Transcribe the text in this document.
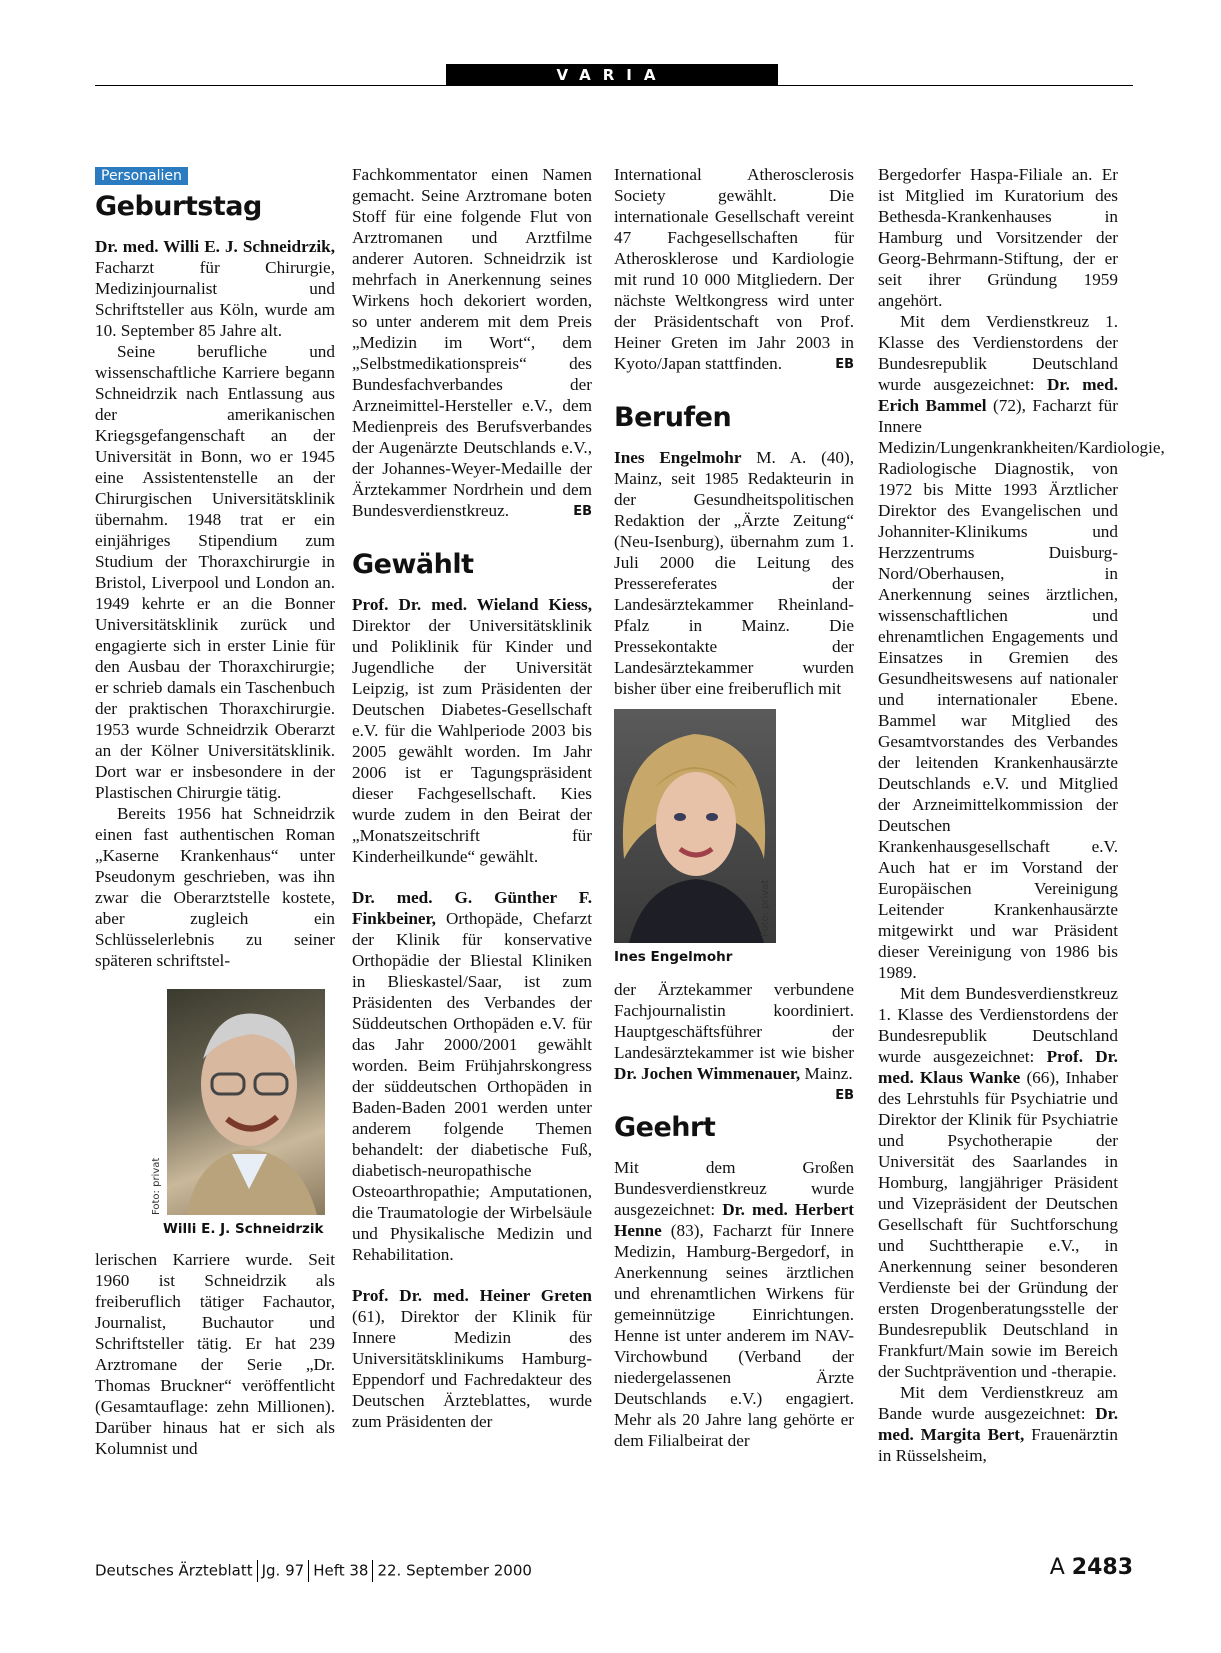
VARIA
Personalien
Geburtstag

Dr. med. Willi E. J. Schneidrzik, Facharzt für Chirurgie, Medizinjournalist und Schriftsteller aus Köln, wurde am 10. September 85 Jahre alt.

Seine berufliche und wissenschaftliche Karriere begann Schneidrzik nach Entlassung aus der amerikanischen Kriegsgefangenschaft an der Universität in Bonn, wo er 1945 eine Assistentenstelle an der Chirurgischen Universitätsklinik übernahm. 1948 trat er ein einjähriges Stipendium zum Studium der Thoraxchirurgie in Bristol, Liverpool und London an. 1949 kehrte er an die Bonner Universitätsklinik zurück und engagierte sich in erster Linie für den Ausbau der Thoraxchirurgie; er schrieb damals ein Taschenbuch der praktischen Thoraxchirurgie. 1953 wurde Schneidrzik Oberarzt an der Kölner Universitätsklinik. Dort war er insbesondere in der Plastischen Chirurgie tätig.

Bereits 1956 hat Schneidrzik einen fast authentischen Roman „Kaserne Krankenhaus“ unter Pseudonym geschrieben, was ihn zwar die Oberarztstelle kostete, aber zugleich ein Schlüsselerlebnis zu seiner späteren schriftstel-

Foto: privat
Willi E. J. Schneidrzik

lerischen Karriere wurde. Seit 1960 ist Schneidrzik als freiberuflich tätiger Fachautor, Journalist, Buchautor und Schriftsteller tätig. Er hat 239 Arztromane der Serie „Dr. Thomas Bruckner“ veröffentlicht (Gesamtauflage: zehn Millionen). Darüber hinaus hat er sich als Kolumnist und

Fachkommentator einen Namen gemacht. Seine Arztromane boten Stoff für eine folgende Flut von Arztromanen und Arztfilme anderer Autoren. Schneidrzik ist mehrfach in Anerkennung seines Wirkens hoch dekoriert worden, so unter anderem mit dem Preis „Medizin im Wort“, dem „Selbstmedikationspreis“ des Bundesfachverbandes der Arzneimittel-Hersteller e.V., dem Medienpreis des Berufsverbandes der Augenärzte Deutschlands e.V., der Johannes-Weyer-Medaille der Ärztekammer Nordrhein und dem Bundesverdienstkreuz.	EB

Gewählt

Prof. Dr. med. Wieland Kiess, Direktor der Universitätsklinik und Poliklinik für Kinder und Jugendliche der Universität Leipzig, ist zum Präsidenten der Deutschen Diabetes-Gesellschaft e.V. für die Wahlperiode 2003 bis 2005 gewählt worden. Im Jahr 2006 ist er Tagungspräsident dieser Fachgesellschaft. Kies wurde zudem in den Beirat der „Monatszeitschrift für Kinderheilkunde“ gewählt.

Dr. med. G. Günther F. Finkbeiner, Orthopäde, Chefarzt der Klinik für konservative Orthopädie der Bliestal Kliniken in Blieskastel/Saar, ist zum Präsidenten des Verbandes der Süddeutschen Orthopäden e.V. für das Jahr 2000/2001 gewählt worden. Beim Frühjahrskongress der süddeutschen Orthopäden in Baden-Baden 2001 werden unter anderem folgende Themen behandelt: der diabetische Fuß, diabetisch-neuropathische Osteoarthropathie; Amputationen, die Traumatologie der Wirbelsäule und Physikalische Medizin und Rehabilitation.

Prof. Dr. med. Heiner Greten (61), Direktor der Klinik für Innere Medizin des Universitätsklinikums Hamburg-Eppendorf und Fachredakteur des Deutschen Ärzteblattes, wurde zum Präsidenten der

International Atherosclerosis Society gewählt. Die internationale Gesellschaft vereint 47 Fachgesellschaften für Atherosklerose und Kardiologie mit rund 10 000 Mitgliedern. Der nächste Weltkongress wird unter der Präsidentschaft von Prof. Heiner Greten im Jahr 2003 in Kyoto/Japan stattfinden.	EB

Berufen

Ines Engelmohr M. A. (40), Mainz, seit 1985 Redakteurin in der Gesundheitspolitischen Redaktion der „Ärzte Zeitung“ (Neu-Isenburg), übernahm zum 1. Juli 2000 die Leitung des Pressereferates der Landesärztekammer Rheinland-Pfalz in Mainz. Die Pressekontakte der Landesärztekammer wurden bisher über eine freiberuflich mit

Foto: privat
Ines Engelmohr

der Ärztekammer verbundene Fachjournalistin koordiniert. Hauptgeschäftsführer der Landesärztekammer ist wie bisher Dr. Jochen Wimmenauer, Mainz.
EB

Geehrt

Mit dem Großen Bundesverdienstkreuz wurde ausgezeichnet: Dr. med. Herbert Henne (83), Facharzt für Innere Medizin, Hamburg-Bergedorf, in Anerkennung seines ärztlichen und ehrenamtlichen Wirkens für gemeinnützige Einrichtungen. Henne ist unter anderem im NAV-Virchowbund (Verband der niedergelassenen Ärzte Deutschlands e.V.) engagiert. Mehr als 20 Jahre lang gehörte er dem Filialbeirat der

Bergedorfer Haspa-Filiale an. Er ist Mitglied im Kuratorium des Bethesda-Krankenhauses in Hamburg und Vorsitzender der Georg-Behrmann-Stiftung, der er seit ihrer Gründung 1959 angehört.

Mit dem Verdienstkreuz 1. Klasse des Verdienstordens der Bundesrepublik Deutschland wurde ausgezeichnet: Dr. med. Erich Bammel (72), Facharzt für Innere Medizin/Lungenkrankheiten/Kardiologie, Radiologische Diagnostik, von 1972 bis Mitte 1993 Ärztlicher Direktor des Evangelischen und Johanniter-Klinikums und Herzzentrums Duisburg-Nord/Oberhausen, in Anerkennung seines ärztlichen, wissenschaftlichen und ehrenamtlichen Engagements und Einsatzes in Gremien des Gesundheitswesens auf nationaler und internationaler Ebene. Bammel war Mitglied des Gesamtvorstandes des Verbandes der leitenden Krankenhausärzte Deutschlands e.V. und Mitglied der Arzneimittelkommission der Deutschen Krankenhausgesellschaft e.V. Auch hat er im Vorstand der Europäischen Vereinigung Leitender Krankenhausärzte mitgewirkt und war Präsident dieser Vereinigung von 1986 bis 1989.

Mit dem Bundesverdienstkreuz 1. Klasse des Verdienstordens der Bundesrepublik Deutschland wurde ausgezeichnet: Prof. Dr. med. Klaus Wanke (66), Inhaber des Lehrstuhls für Psychiatrie und Direktor der Klinik für Psychiatrie und Psychotherapie der Universität des Saarlandes in Homburg, langjähriger Präsident und Vizepräsident der Deutschen Gesellschaft für Suchtforschung und Suchttherapie e.V., in Anerkennung seiner besonderen Verdienste bei der Gründung der ersten Drogenberatungsstelle der Bundesrepublik Deutschland in Frankfurt/Main sowie im Bereich der Suchtprävention und -therapie.

Mit dem Verdienstkreuz am Bande wurde ausgezeichnet: Dr. med. Margita Bert, Frauenärztin in Rüsselsheim,

Deutsches Ärzteblatt Jg. 97 Heft 38 22. September 2000	A 2483
